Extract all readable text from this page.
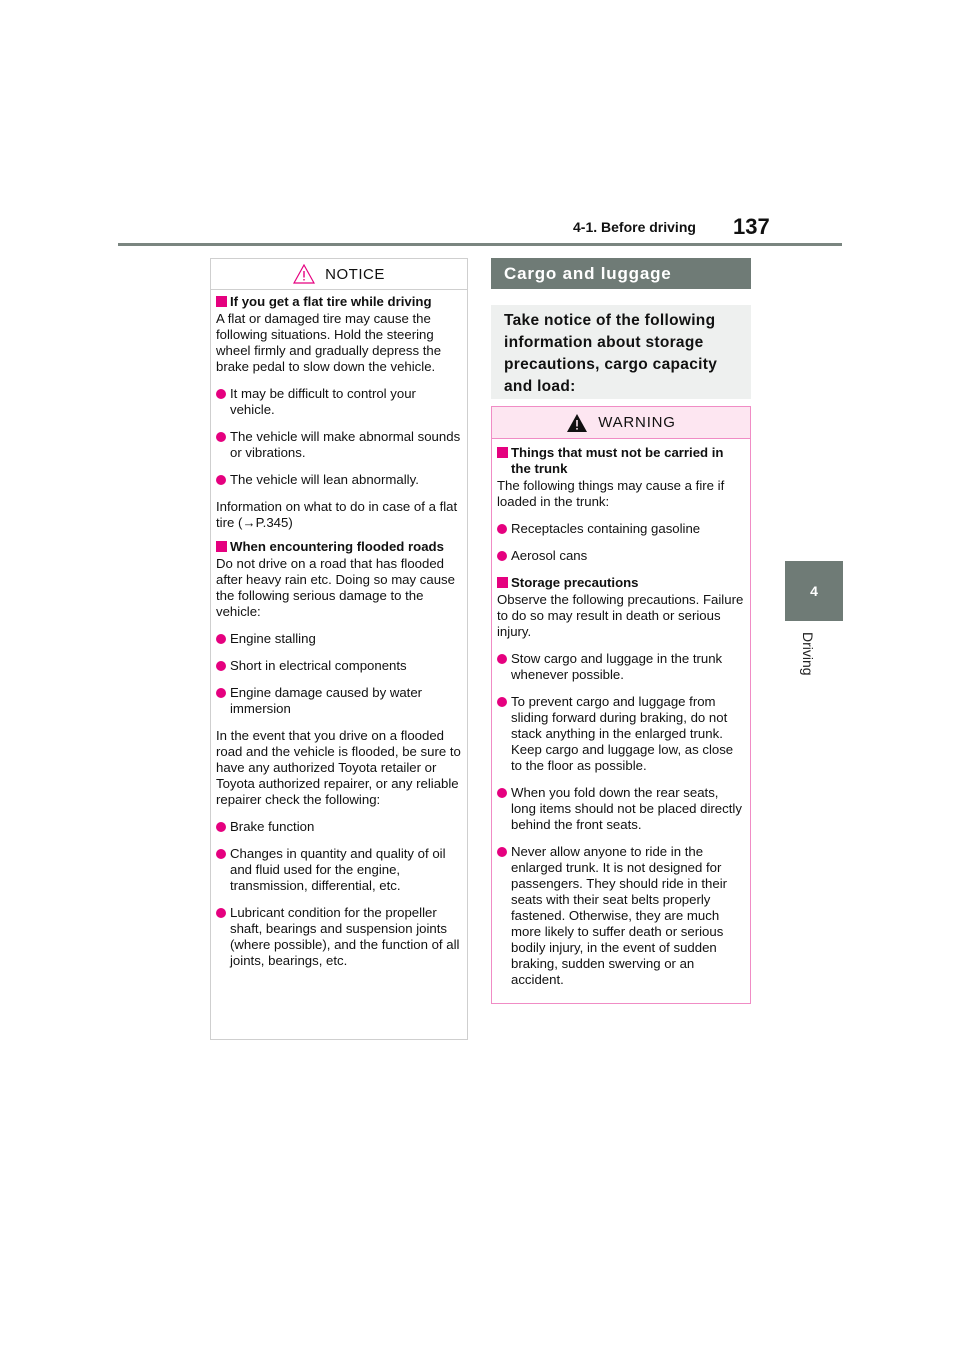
4-1. Before driving 137
4
Driving
NOTICE
If you get a flat tire while driving
A flat or damaged tire may cause the following situations. Hold the steering wheel firmly and gradually depress the brake pedal to slow down the vehicle.
It may be difficult to control your vehicle.
The vehicle will make abnormal sounds or vibrations.
The vehicle will lean abnormally.
Information on what to do in case of a flat tire (→P.345)
When encountering flooded roads
Do not drive on a road that has flooded after heavy rain etc. Doing so may cause the following serious damage to the vehicle:
Engine stalling
Short in electrical components
Engine damage caused by water immersion
In the event that you drive on a flooded road and the vehicle is flooded, be sure to have any authorized Toyota retailer or Toyota authorized repairer, or any reliable repairer check the following:
Brake function
Changes in quantity and quality of oil and fluid used for the engine, transmission, differential, etc.
Lubricant condition for the propeller shaft, bearings and suspension joints (where possible), and the function of all joints, bearings, etc.
Cargo and luggage
Take notice of the following information about storage precautions, cargo capacity and load:
WARNING
Things that must not be carried in the trunk
The following things may cause a fire if loaded in the trunk:
Receptacles containing gasoline
Aerosol cans
Storage precautions
Observe the following precautions. Failure to do so may result in death or serious injury.
Stow cargo and luggage in the trunk whenever possible.
To prevent cargo and luggage from sliding forward during braking, do not stack anything in the enlarged trunk. Keep cargo and luggage low, as close to the floor as possible.
When you fold down the rear seats, long items should not be placed directly behind the front seats.
Never allow anyone to ride in the enlarged trunk. It is not designed for passengers. They should ride in their seats with their seat belts properly fastened. Otherwise, they are much more likely to suffer death or serious bodily injury, in the event of sudden braking, sudden swerving or an accident.
